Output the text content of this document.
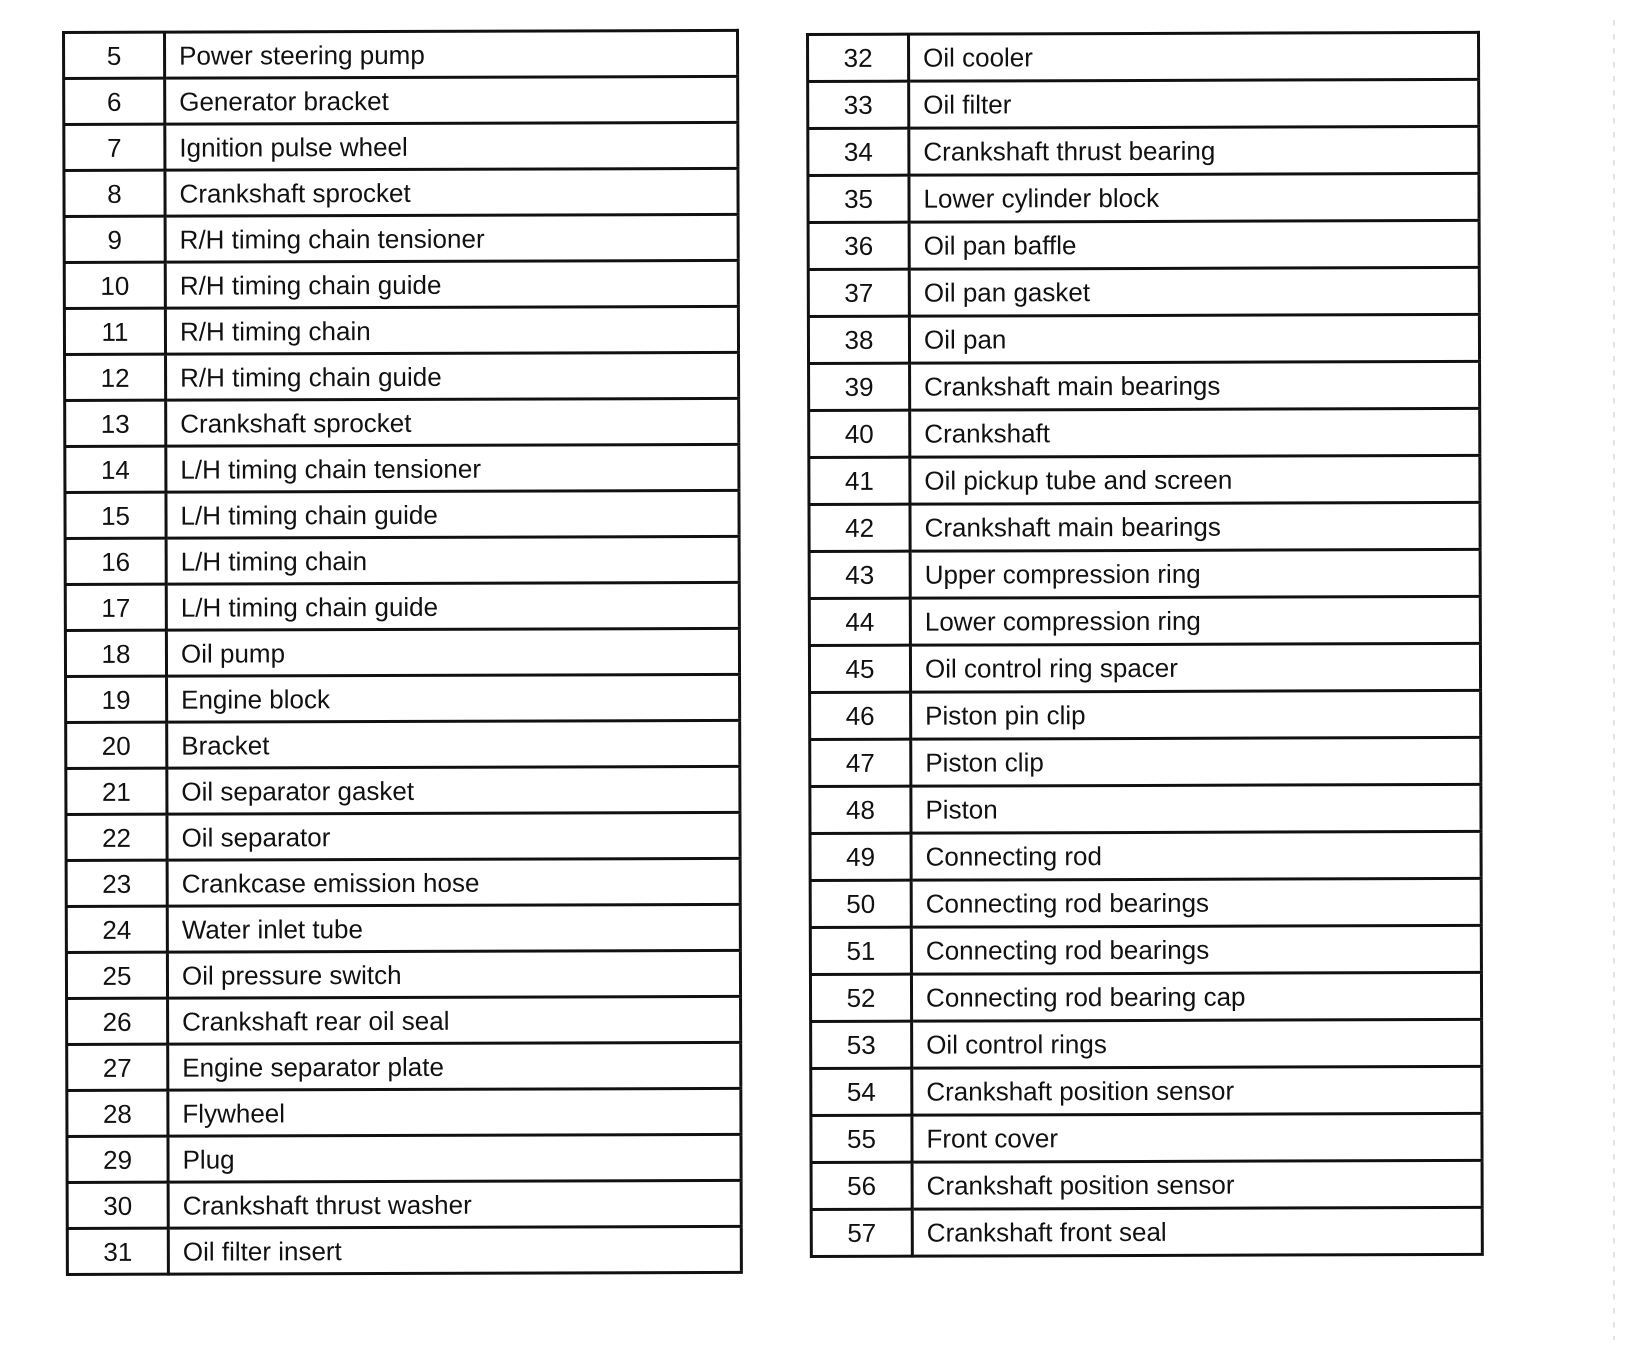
5	Power steering pump
6	Generator bracket
7	Ignition pulse wheel
8	Crankshaft sprocket
9	R/H timing chain tensioner
10	R/H timing chain guide
11	R/H timing chain
12	R/H timing chain guide
13	Crankshaft sprocket
14	L/H timing chain tensioner
15	L/H timing chain guide
16	L/H timing chain
17	L/H timing chain guide
18	Oil pump
19	Engine block
20	Bracket
21	Oil separator gasket
22	Oil separator
23	Crankcase emission hose
24	Water inlet tube
25	Oil pressure switch
26	Crankshaft rear oil seal
27	Engine separator plate
28	Flywheel
29	Plug
30	Crankshaft thrust washer
31	Oil filter insert
32	Oil cooler
33	Oil filter
34	Crankshaft thrust bearing
35	Lower cylinder block
36	Oil pan baffle
37	Oil pan gasket
38	Oil pan
39	Crankshaft main bearings
40	Crankshaft
41	Oil pickup tube and screen
42	Crankshaft main bearings
43	Upper compression ring
44	Lower compression ring
45	Oil control ring spacer
46	Piston pin clip
47	Piston clip
48	Piston
49	Connecting rod
50	Connecting rod bearings
51	Connecting rod bearings
52	Connecting rod bearing cap
53	Oil control rings
54	Crankshaft position sensor
55	Front cover
56	Crankshaft position sensor
57	Crankshaft front seal
